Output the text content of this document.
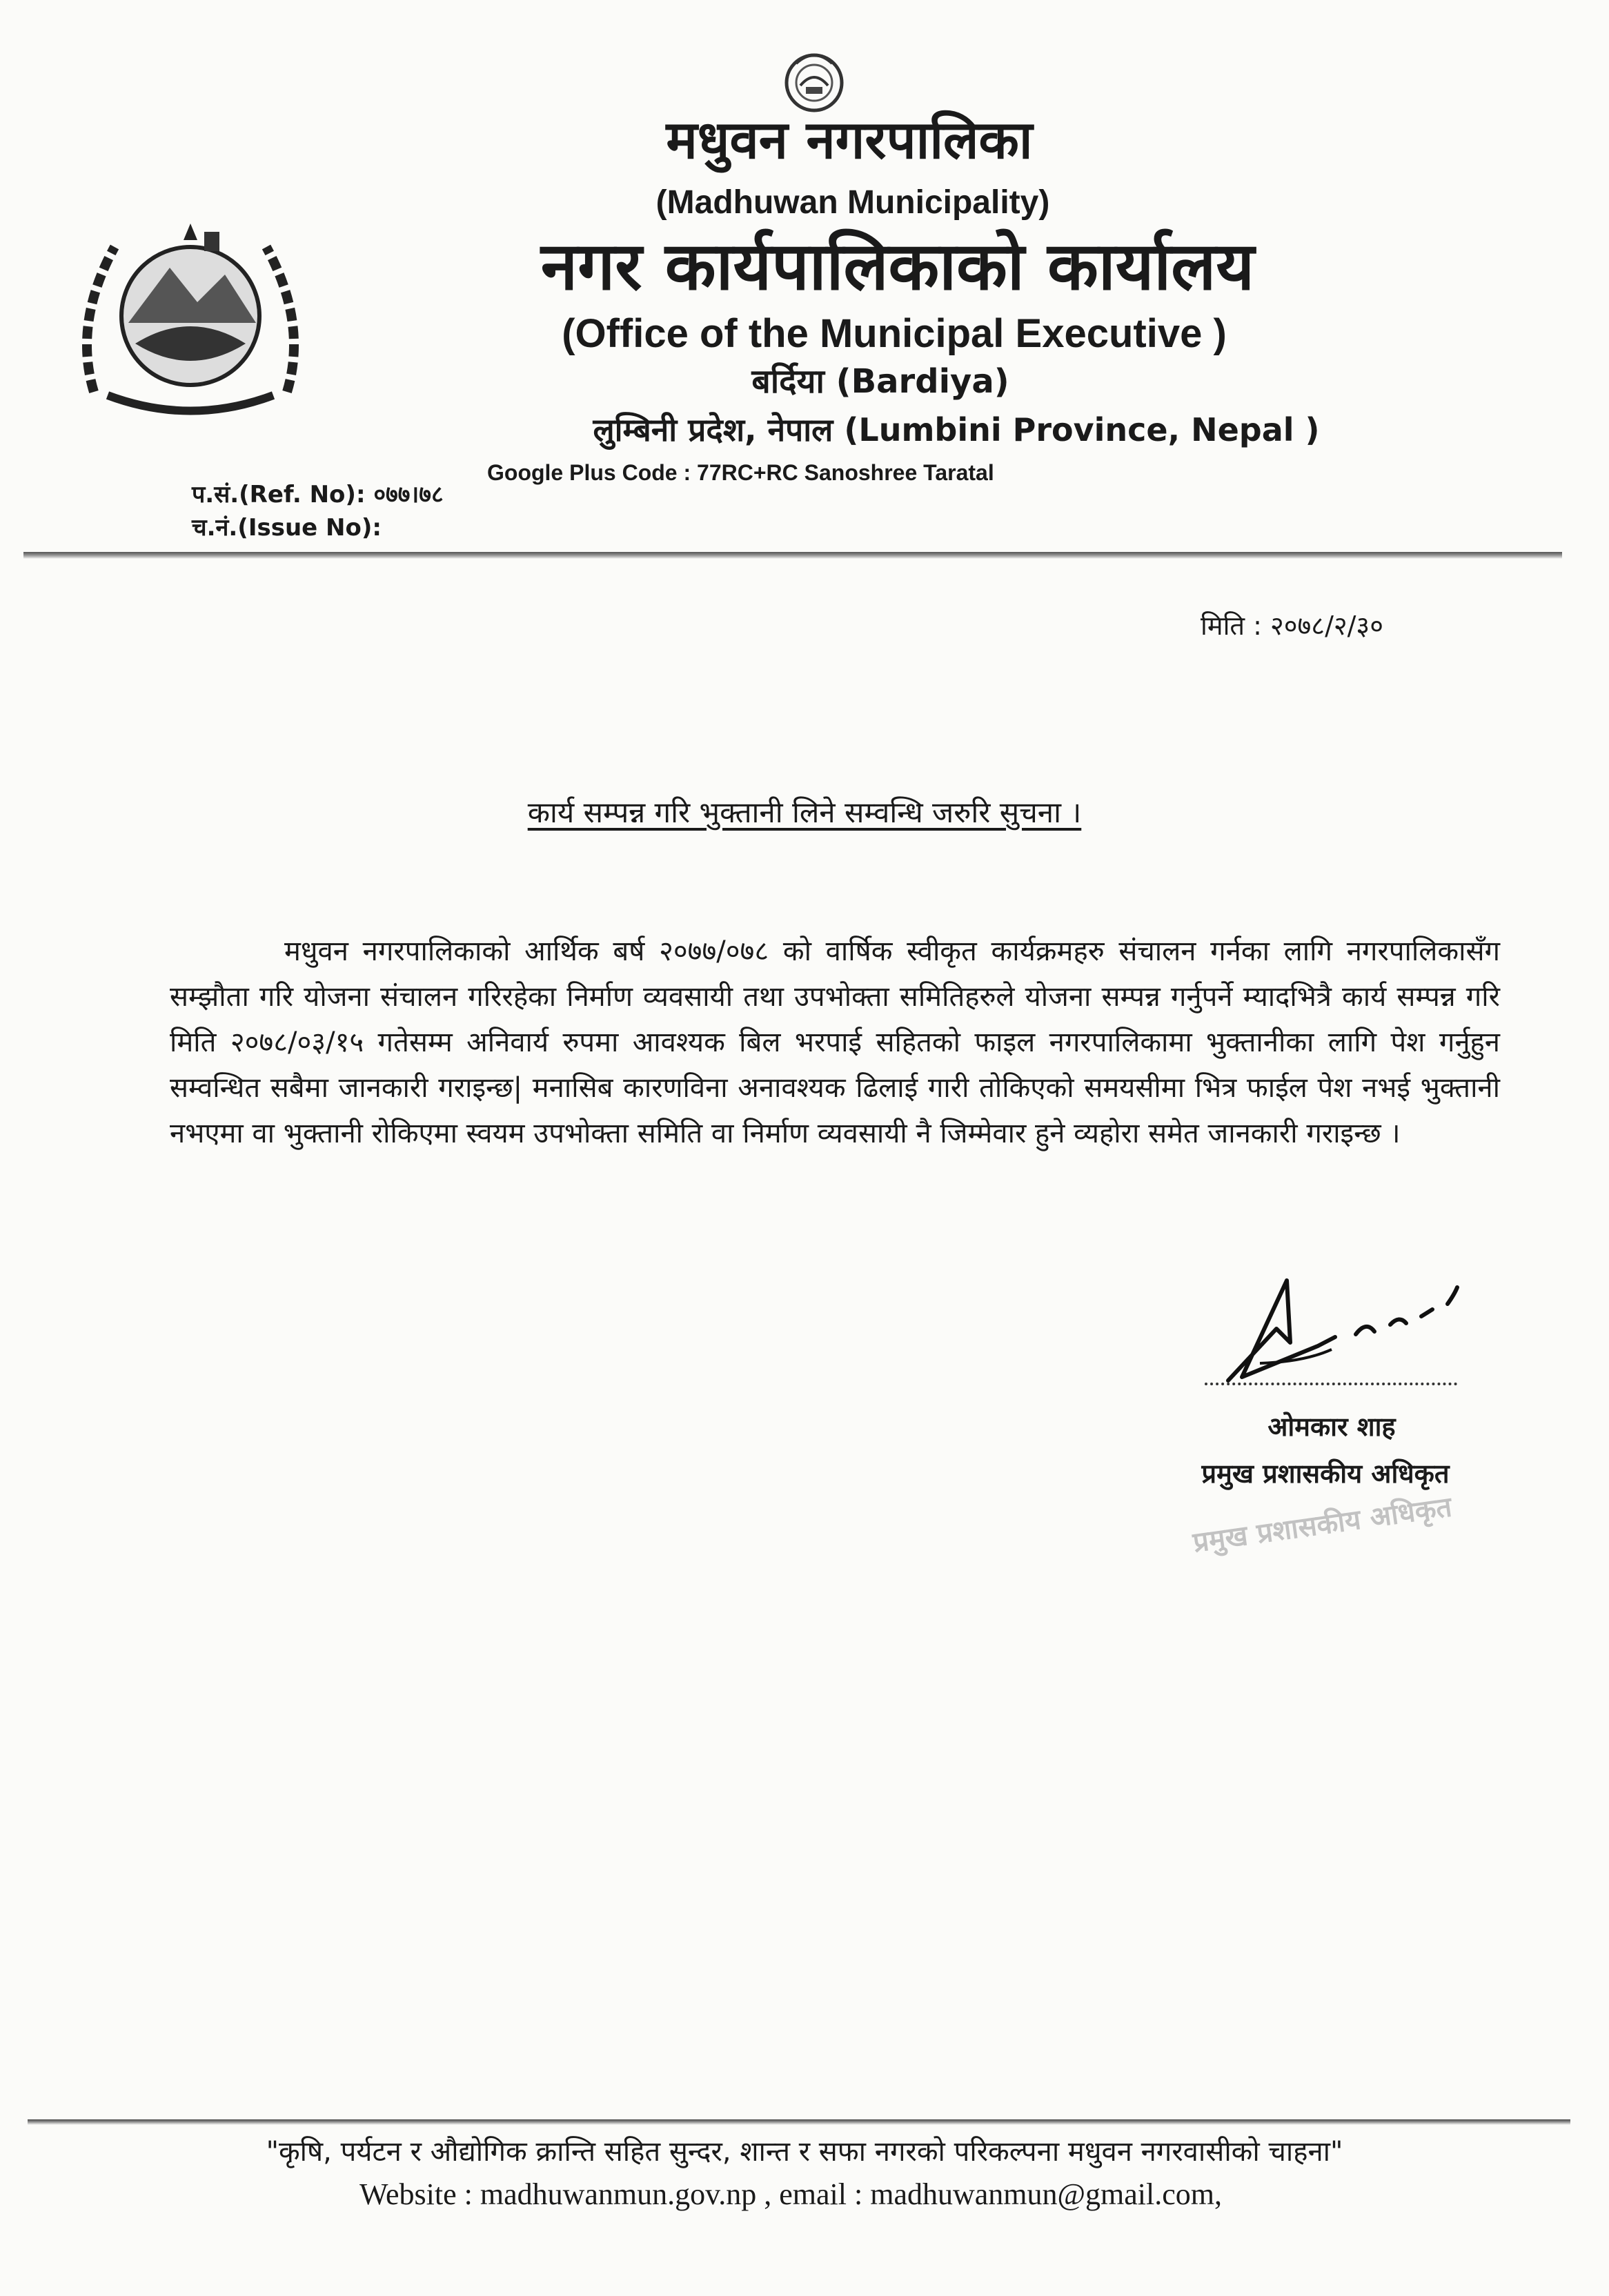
मधुवन नगरपालिका
(Madhuwan Municipality)
नगर कार्यपालिकाको कार्यालय
(Office of the Municipal Executive )
बर्दिया (Bardiya)
लुम्बिनी प्रदेश, नेपाल (Lumbini Province, Nepal )
Google Plus Code : 77RC+RC Sanoshree Taratal
प.सं.(Ref. No): ०७७।७८
च.नं.(Issue No):
मिति : २०७८/२/३०
कार्य सम्पन्न गरि भुक्तानी लिने सम्वन्धि जरुरि सुचना ।

मधुवन नगरपालिकाको आर्थिक बर्ष २०७७/०७८ को वार्षिक स्वीकृत कार्यक्रमहरु संचालन गर्नका लागि नगरपालिकासँग सम्झौता गरि योजना संचालन गरिरहेका निर्माण व्यवसायी तथा उपभोक्ता समितिहरुले योजना सम्पन्न गर्नुपर्ने म्यादभित्रै कार्य सम्पन्न गरि मिति २०७८/०३/१५ गतेसम्म अनिवार्य रुपमा आवश्यक बिल भरपाई सहितको फाइल नगरपालिकामा भुक्तानीका लागि पेश गर्नुहुन सम्वन्धित सबैमा जानकारी गराइन्छ| मनासिब कारणविना अनावश्यक ढिलाई गारी तोकिएको समयसीमा भित्र फाईल पेश नभई भुक्तानी नभएमा वा भुक्तानी रोकिएमा स्वयम उपभोक्ता समिति वा निर्माण व्यवसायी नै जिम्मेवार हुने व्यहोरा समेत जानकारी गराइन्छ ।

ओमकार शाह
प्रमुख प्रशासकीय अधिकृत
प्रमुख प्रशासकीय अधिकृत
"कृषि, पर्यटन र औद्योगिक क्रान्ति सहित सुन्दर, शान्त र सफा नगरको परिकल्पना मधुवन नगरवासीको चाहना"
Website : madhuwanmun.gov.np , email : madhuwanmun@gmail.com,
